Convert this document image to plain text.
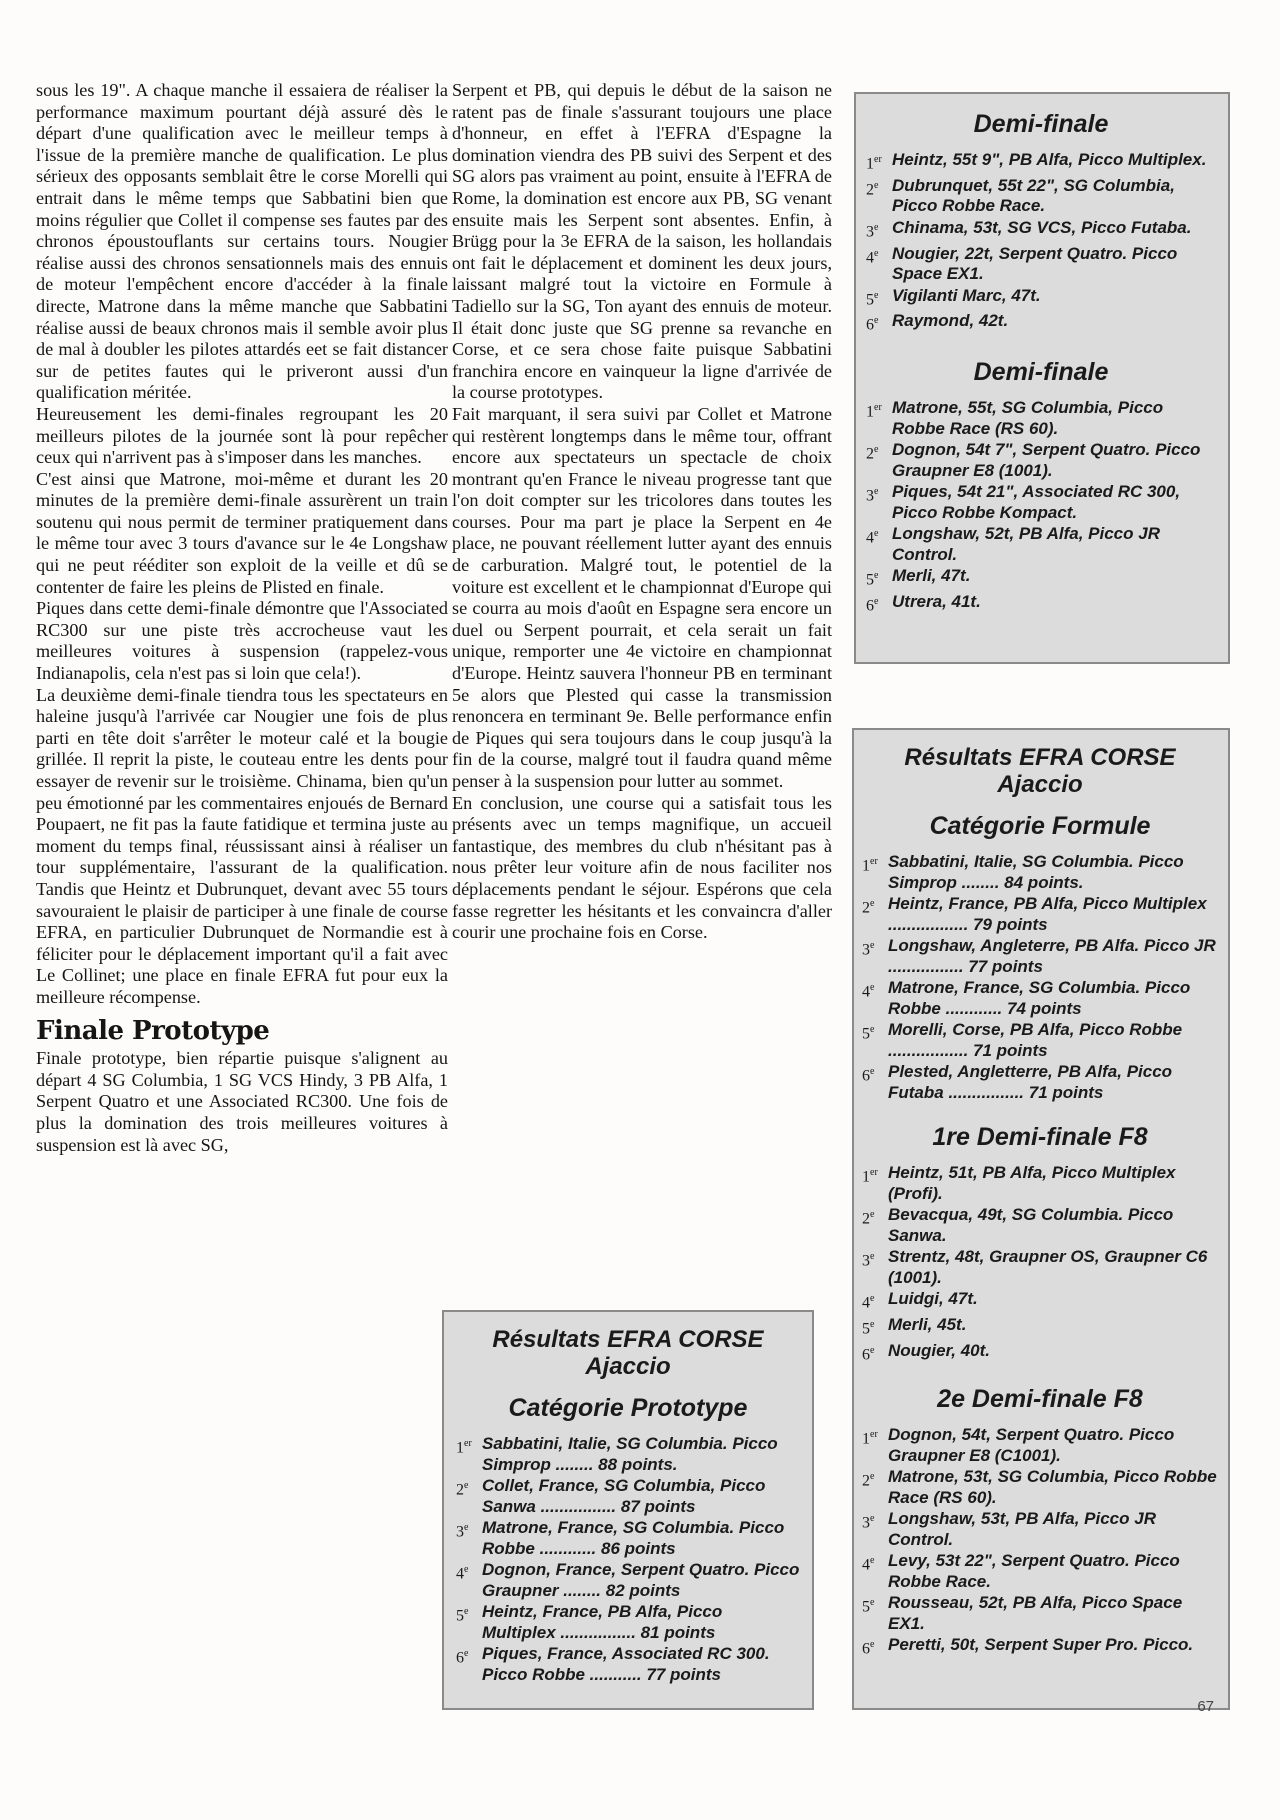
sous les 19". A chaque manche il essaiera de réaliser la performance maximum pourtant déjà assuré dès le départ d'une qualification avec le meilleur temps à l'issue de la première manche de qualification. Le plus sérieux des opposants semblait être le corse Morelli qui entrait dans le même temps que Sabbatini bien que moins régulier que Collet il compense ses fautes par des chronos époustouflants sur certains tours. Nougier réalise aussi des chronos sensationnels mais des ennuis de moteur l'empêchent encore d'accéder à la finale directe, Matrone dans la même manche que Sabbatini réalise aussi de beaux chronos mais il semble avoir plus de mal à doubler les pilotes attardés eet se fait distancer sur de petites fautes qui le priveront aussi d'un qualification méritée.

Heureusement les demi-finales regroupant les 20 meilleurs pilotes de la journée sont là pour repêcher ceux qui n'arrivent pas à s'imposer dans les manches.

C'est ainsi que Matrone, moi-même et durant les 20 minutes de la première demi-finale assurèrent un train soutenu qui nous permit de terminer pratiquement dans le même tour avec 3 tours d'avance sur le 4e Longshaw qui ne peut rééditer son exploit de la veille et dû se contenter de faire les pleins de Plisted en finale.

Piques dans cette demi-finale démontre que l'Associated RC300 sur une piste très accrocheuse vaut les meilleures voitures à suspension (rappelez-vous Indianapolis, cela n'est pas si loin que cela!).

La deuxième demi-finale tiendra tous les spectateurs en haleine jusqu'à l'arrivée car Nougier une fois de plus parti en tête doit s'arrêter le moteur calé et la bougie grillée. Il reprit la piste, le couteau entre les dents pour essayer de revenir sur le troisième. Chinama, bien qu'un peu émotionné par les commentaires enjoués de Bernard Poupaert, ne fit pas la faute fatidique et termina juste au moment du temps final, réussissant ainsi à réaliser un tour supplémentaire, l'assurant de la qualification. Tandis que Heintz et Dubrunquet, devant avec 55 tours savouraient le plaisir de participer à une finale de course EFRA, en particulier Dubrunquet de Normandie est à féliciter pour le déplacement important qu'il a fait avec Le Collinet; une place en finale EFRA fut pour eux la meilleure récompense.

Finale Prototype

Finale prototype, bien répartie puisque s'alignent au départ 4 SG Columbia, 1 SG VCS Hindy, 3 PB Alfa, 1 Serpent Quatro et une Associated RC300. Une fois de plus la domination des trois meilleures voitures à suspension est là avec SG,

Serpent et PB, qui depuis le début de la saison ne ratent pas de finale s'assurant toujours une place d'honneur, en effet à l'EFRA d'Espagne la domination viendra des PB suivi des Serpent et des SG alors pas vraiment au point, ensuite à l'EFRA de Rome, la domination est encore aux PB, SG venant ensuite mais les Serpent sont absentes. Enfin, à Brügg pour la 3e EFRA de la saison, les hollandais ont fait le déplacement et dominent les deux jours, laissant malgré tout la victoire en Formule à Tadiello sur la SG, Ton ayant des ennuis de moteur. Il était donc juste que SG prenne sa revanche en Corse, et ce sera chose faite puisque Sabbatini franchira encore en vainqueur la ligne d'arrivée de la course prototypes.

Fait marquant, il sera suivi par Collet et Matrone qui restèrent longtemps dans le même tour, offrant encore aux spectateurs un spectacle de choix montrant qu'en France le niveau progresse tant que l'on doit compter sur les tricolores dans toutes les courses. Pour ma part je place la Serpent en 4e place, ne pouvant réellement lutter ayant des ennuis de carburation. Malgré tout, le potentiel de la voiture est excellent et le championnat d'Europe qui se courra au mois d'août en Espagne sera encore un duel ou Serpent pourrait, et cela serait un fait unique, remporter une 4e victoire en championnat d'Europe. Heintz sauvera l'honneur PB en terminant 5e alors que Plested qui casse la transmission renoncera en terminant 9e. Belle performance enfin de Piques qui sera toujours dans le coup jusqu'à la fin de la course, malgré tout il faudra quand même penser à la suspension pour lutter au sommet.

En conclusion, une course qui a satisfait tous les présents avec un temps magnifique, un accueil fantastique, des membres du club n'hésitant pas à nous prêter leur voiture afin de nous faciliter nos déplacements pendant le séjour. Espérons que cela fasse regretter les hésitants et les convaincra d'aller courir une prochaine fois en Corse.

Résultats EFRA CORSE
Ajaccio
Catégorie Prototype
1er Sabbatini, Italie, SG Columbia. Picco Simprop ........ 88 points.
2e Collet, France, SG Columbia, Picco Sanwa ................ 87 points
3e Matrone, France, SG Columbia. Picco Robbe ............ 86 points
4e Dognon, France, Serpent Quatro. Picco Graupner ........ 82 points
5e Heintz, France, PB Alfa, Picco Multiplex ................ 81 points
6e Piques, France, Associated RC 300. Picco Robbe ........... 77 points
Demi-finale
1er Heintz, 55t 9", PB Alfa, Picco Multiplex.
2e Dubrunquet, 55t 22", SG Columbia, Picco Robbe Race.
3e Chinama, 53t, SG VCS, Picco Futaba.
4e Nougier, 22t, Serpent Quatro. Picco Space EX1.
5e Vigilanti Marc, 47t.
6e Raymond, 42t.
Demi-finale
1er Matrone, 55t, SG Columbia, Picco Robbe Race (RS 60).
2e Dognon, 54t 7", Serpent Quatro. Picco Graupner E8 (1001).
3e Piques, 54t 21", Associated RC 300, Picco Robbe Kompact.
4e Longshaw, 52t, PB Alfa, Picco JR Control.
5e Merli, 47t.
6e Utrera, 41t.
Résultats EFRA CORSE
Ajaccio
Catégorie Formule
1er Sabbatini, Italie, SG Columbia. Picco Simprop ........ 84 points.
2e Heintz, France, PB Alfa, Picco Multiplex ................. 79 points
3e Longshaw, Angleterre, PB Alfa. Picco JR ................ 77 points
4e Matrone, France, SG Columbia. Picco Robbe ............ 74 points
5e Morelli, Corse, PB Alfa, Picco Robbe ................. 71 points
6e Plested, Angletterre, PB Alfa, Picco Futaba ................ 71 points
1re Demi-finale F8
1er Heintz, 51t, PB Alfa, Picco Multiplex (Profi).
2e Bevacqua, 49t, SG Columbia. Picco Sanwa.
3e Strentz, 48t, Graupner OS, Graupner C6 (1001).
4e Luidgi, 47t.
5e Merli, 45t.
6e Nougier, 40t.
2e Demi-finale F8
1er Dognon, 54t, Serpent Quatro. Picco Graupner E8 (C1001).
2e Matrone, 53t, SG Columbia, Picco Robbe Race (RS 60).
3e Longshaw, 53t, PB Alfa, Picco JR Control.
4e Levy, 53t 22", Serpent Quatro. Picco Robbe Race.
5e Rousseau, 52t, PB Alfa, Picco Space EX1.
6e Peretti, 50t, Serpent Super Pro. Picco.
67
